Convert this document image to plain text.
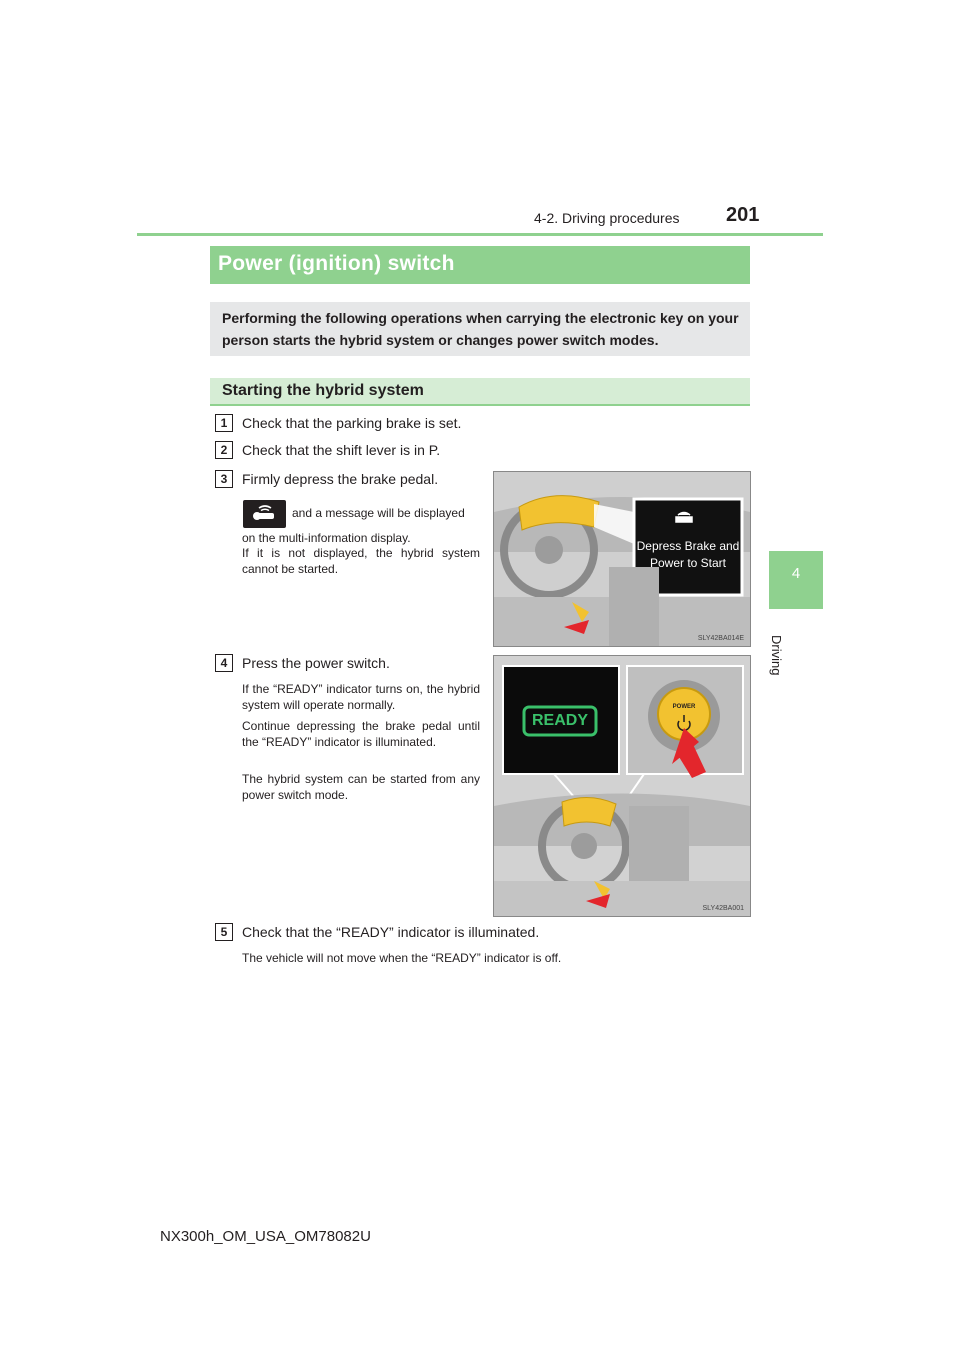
4-2. Driving procedures 201
4
Driving
Power (ignition) switch
Performing the following operations when carrying the electronic key on your person starts the hybrid system or changes power switch modes.
Starting the hybrid system
1	Check that the parking brake is set.
2	Check that the shift lever is in P.
3	Firmly depress the brake pedal.
and a message will be displayed
on the multi-information display.
If it is not displayed, the hybrid system cannot be started.
Depress Brake and
Power to Start
SLY42BA014E
4	Press the power switch.
If the “READY” indicator turns on, the hybrid system will operate normally.
Continue depressing the brake pedal until the “READY” indicator is illuminated.
The hybrid system can be started from any power switch mode.
READY
POWER
SLY42BA001
5	Check that the “READY” indicator is illuminated.
The vehicle will not move when the “READY” indicator is off.
NX300h_OM_USA_OM78082U
